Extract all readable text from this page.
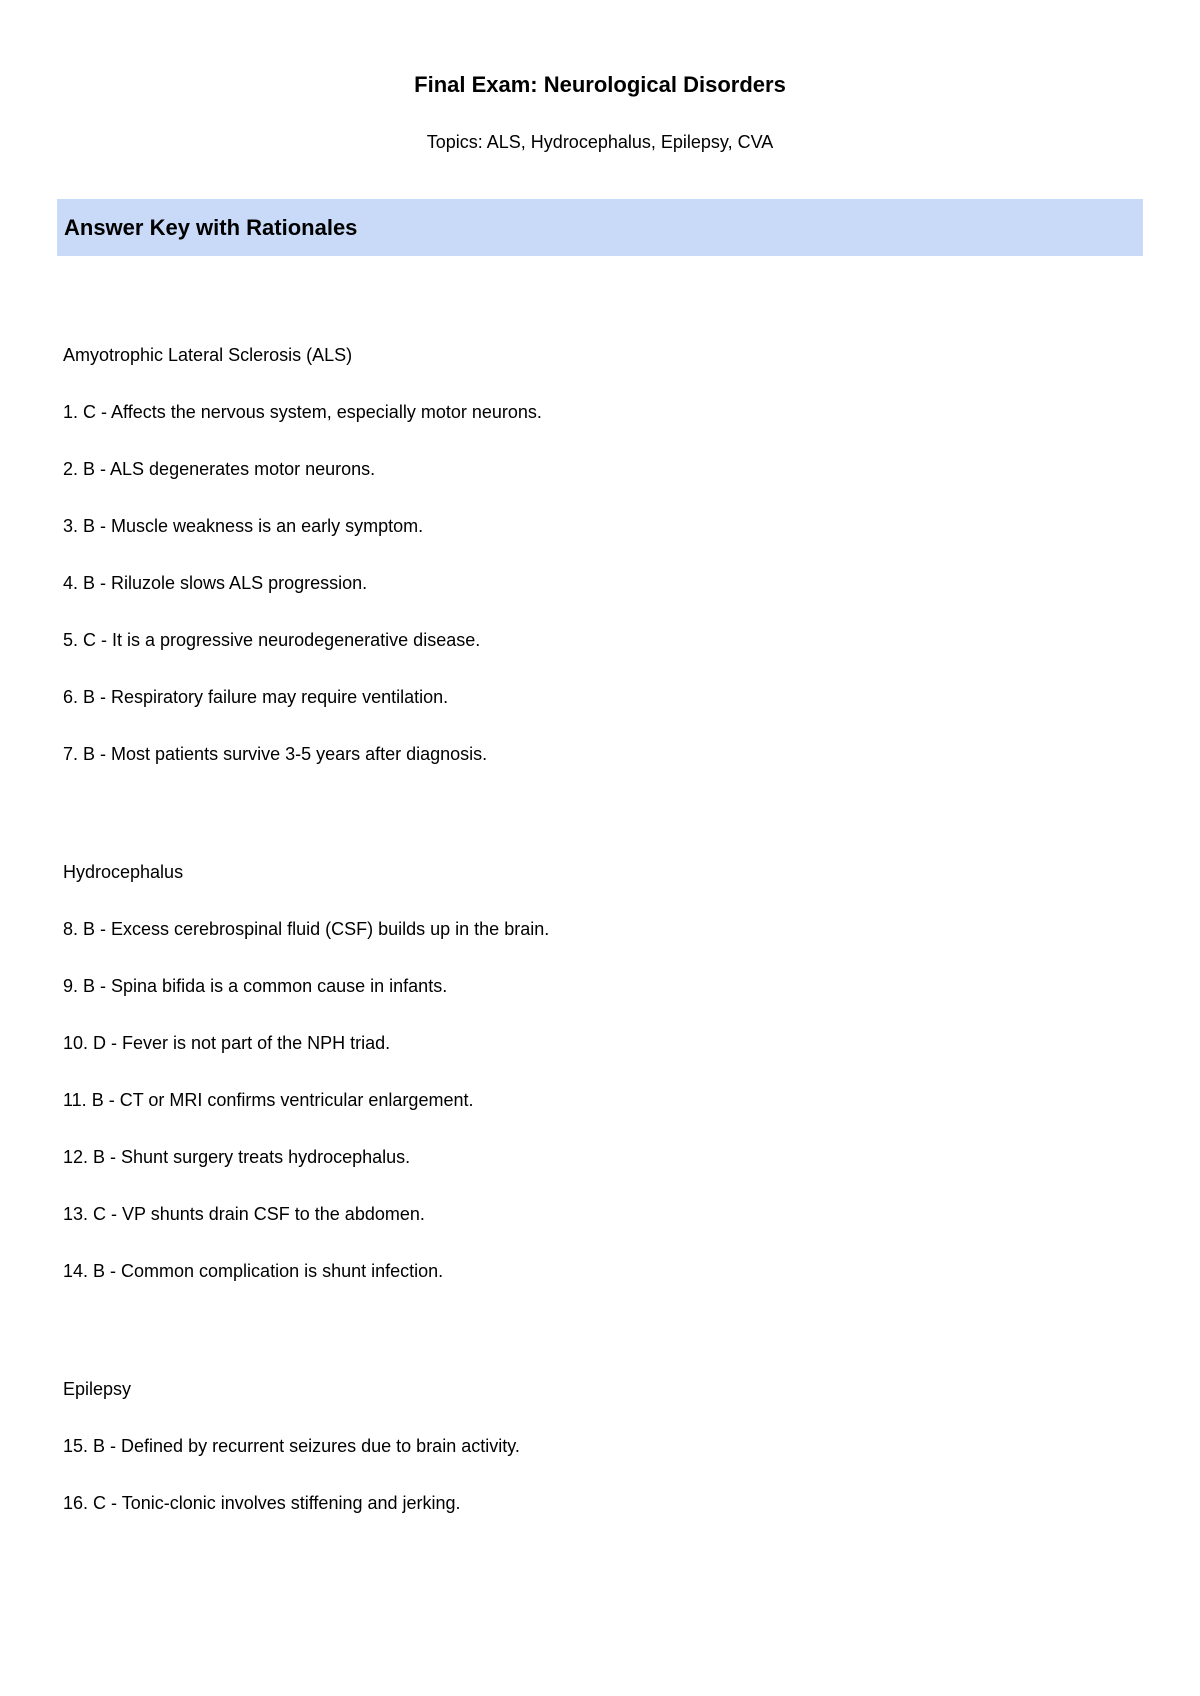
Final Exam: Neurological Disorders
Topics: ALS, Hydrocephalus, Epilepsy, CVA
Answer Key with Rationales
Amyotrophic Lateral Sclerosis (ALS)
1. C - Affects the nervous system, especially motor neurons.
2. B - ALS degenerates motor neurons.
3. B - Muscle weakness is an early symptom.
4. B - Riluzole slows ALS progression.
5. C - It is a progressive neurodegenerative disease.
6. B - Respiratory failure may require ventilation.
7. B - Most patients survive 3-5 years after diagnosis.
Hydrocephalus
8. B - Excess cerebrospinal fluid (CSF) builds up in the brain.
9. B - Spina bifida is a common cause in infants.
10. D - Fever is not part of the NPH triad.
11. B - CT or MRI confirms ventricular enlargement.
12. B - Shunt surgery treats hydrocephalus.
13. C - VP shunts drain CSF to the abdomen.
14. B - Common complication is shunt infection.
Epilepsy
15. B - Defined by recurrent seizures due to brain activity.
16. C - Tonic-clonic involves stiffening and jerking.
